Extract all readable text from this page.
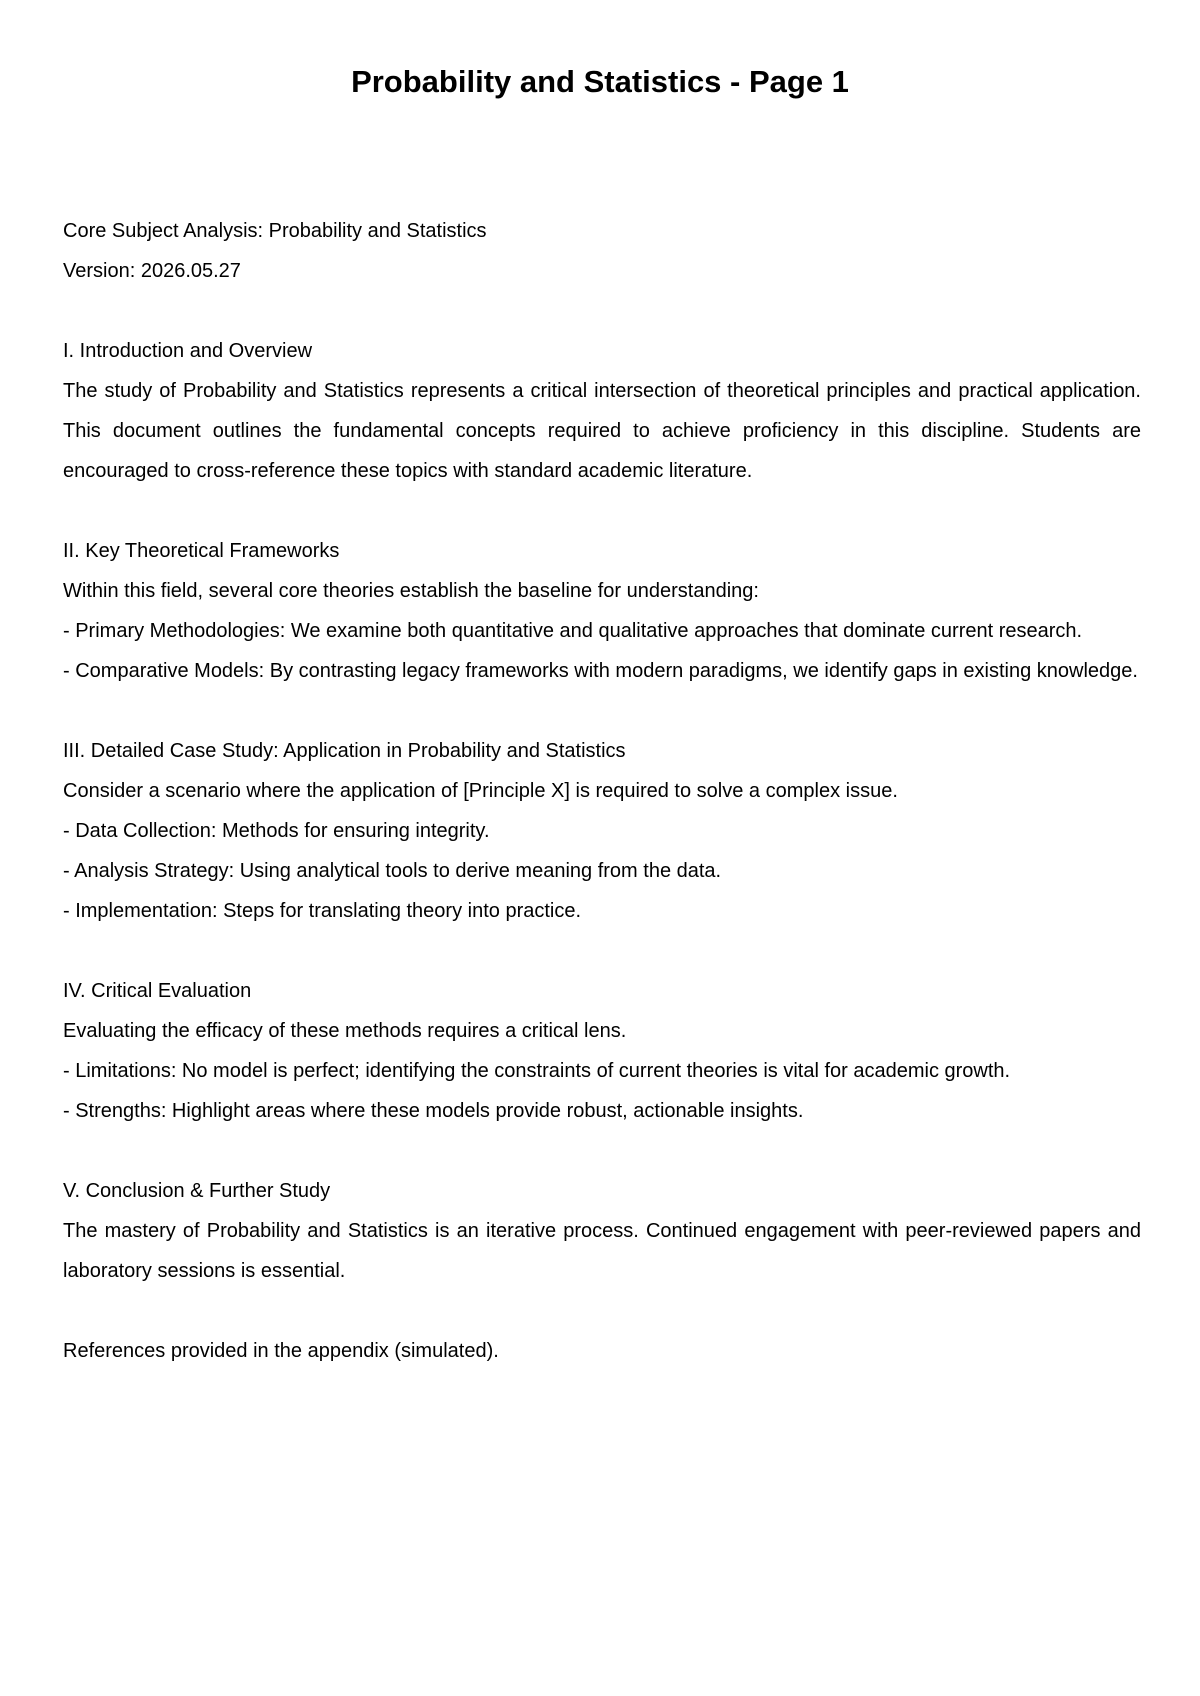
Probability and Statistics - Page 1
Core Subject Analysis: Probability and Statistics
Version: 2026.05.27
I. Introduction and Overview
The study of Probability and Statistics represents a critical intersection of theoretical principles and practical application. This document outlines the fundamental concepts required to achieve proficiency in this discipline. Students are encouraged to cross-reference these topics with standard academic literature.
II. Key Theoretical Frameworks
Within this field, several core theories establish the baseline for understanding:
- Primary Methodologies: We examine both quantitative and qualitative approaches that dominate current research.
- Comparative Models: By contrasting legacy frameworks with modern paradigms, we identify gaps in existing knowledge.
III. Detailed Case Study: Application in Probability and Statistics
Consider a scenario where the application of [Principle X] is required to solve a complex issue.
- Data Collection: Methods for ensuring integrity.
- Analysis Strategy: Using analytical tools to derive meaning from the data.
- Implementation: Steps for translating theory into practice.
IV. Critical Evaluation
Evaluating the efficacy of these methods requires a critical lens.
- Limitations: No model is perfect; identifying the constraints of current theories is vital for academic growth.
- Strengths: Highlight areas where these models provide robust, actionable insights.
V. Conclusion & Further Study
The mastery of Probability and Statistics is an iterative process. Continued engagement with peer-reviewed papers and laboratory sessions is essential.
References provided in the appendix (simulated).
